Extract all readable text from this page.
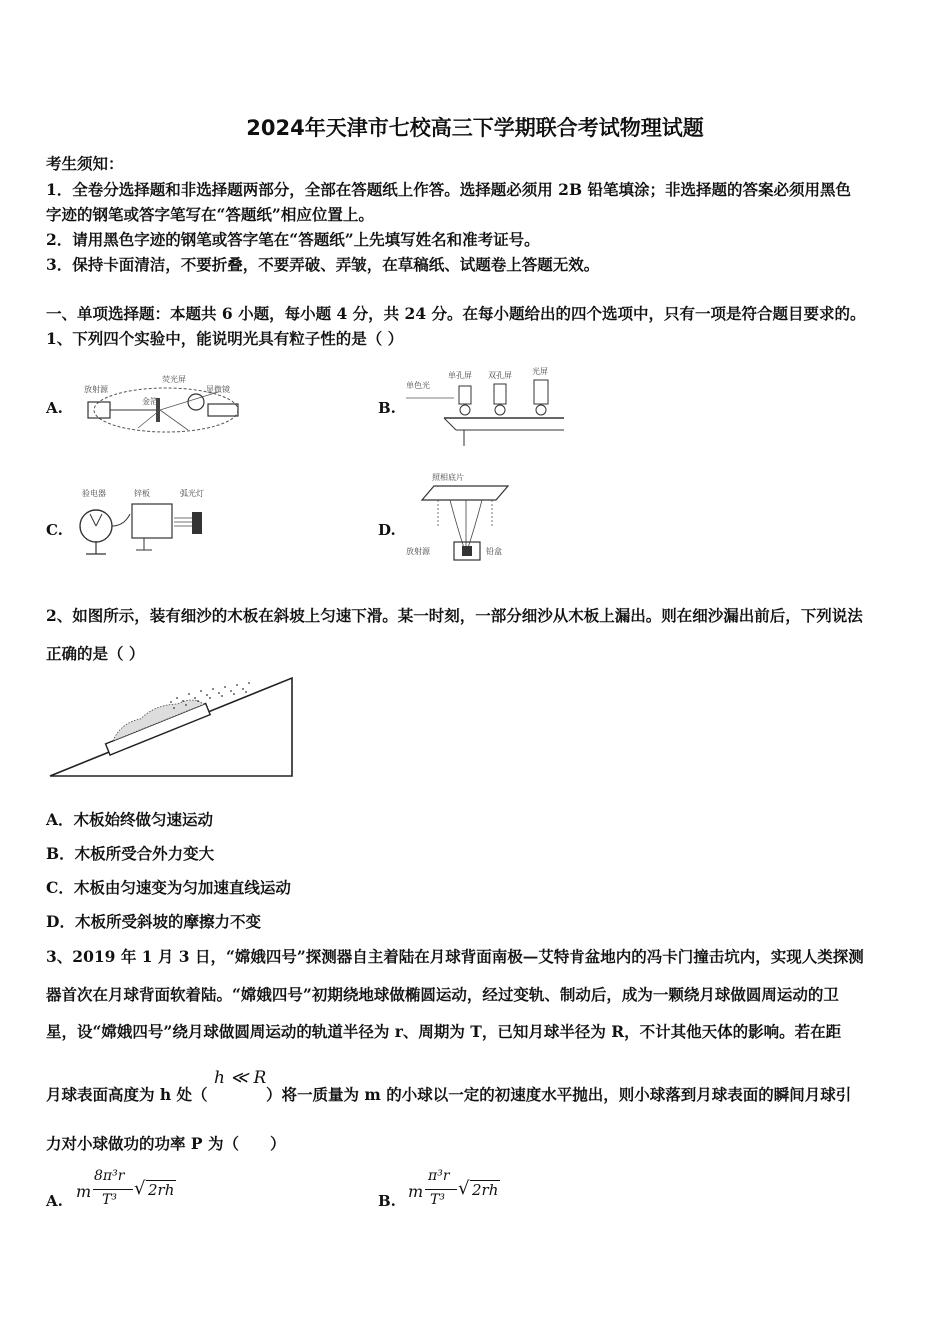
2024年天津市七校高三下学期联合考试物理试题
考生须知：
1．全卷分选择题和非选择题两部分，全部在答题纸上作答。选择题必须用 2B 铅笔填涂；非选择题的答案必须用黑色
字迹的钢笔或答字笔写在“答题纸”相应位置上。
2．请用黑色字迹的钢笔或答字笔在“答题纸”上先填写姓名和准考证号。
3．保持卡面清洁，不要折叠，不要弄破、弄皱，在草稿纸、试题卷上答题无效。
一、单项选择题：本题共 6 小题，每小题 4 分，共 24 分。在每小题给出的四个选项中，只有一项是符合题目要求的。
1、下列四个实验中，能说明光具有粒子性的是（ ）
A.
放射源
金箔
荧光屏
显微镜
B.
单色光
单孔屏 双孔屏	光屏
C.
验电器	锌板	弧光灯
D.
照相底片
放射源	铅盒
2、如图所示，装有细沙的木板在斜坡上匀速下滑。某一时刻，一部分细沙从木板上漏出。则在细沙漏出前后，下列说法
正确的是（ ）
A．木板始终做匀速运动
B．木板所受合外力变大
C．木板由匀速变为匀加速直线运动
D．木板所受斜坡的摩擦力不变
3、2019 年 1 月 3 日，“嫦娥四号”探测器自主着陆在月球背面南极—艾特肯盆地内的冯卡门撞击坑内，实现人类探测
器首次在月球背面软着陆。“嫦娥四号”初期绕地球做椭圆运动，经过变轨、制动后，成为一颗绕月球做圆周运动的卫
星，设“嫦娥四号”绕月球做圆周运动的轨道半径为 r、周期为 T，已知月球半径为 R，不计其他天体的影响。若在距
月球表面高度为 h 处（
h ≪ R
）将一质量为 m 的小球以一定的初速度水平抛出，则小球落到月球表面的瞬间月球引
力对小球做功的功率 P 为（　　）
A. m
8π³r
T³
√ 2rh
B. m
π³r
T³
√ 2rh
